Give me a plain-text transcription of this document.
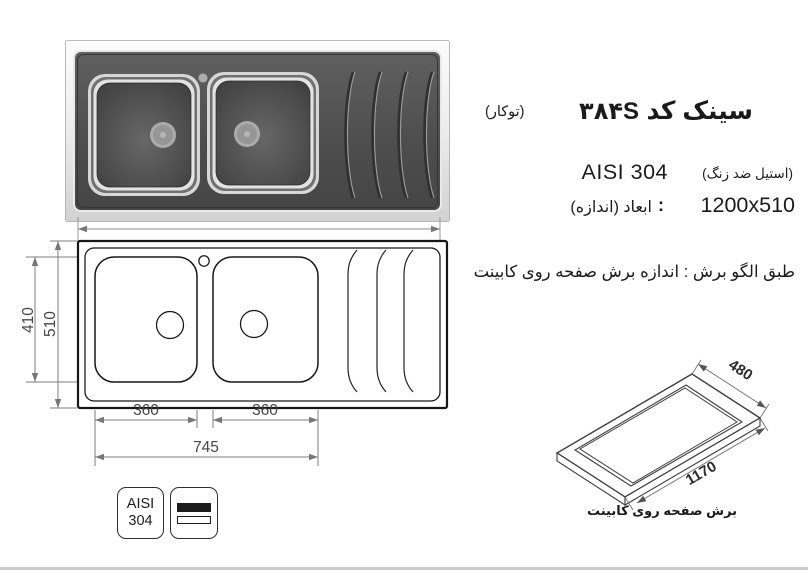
510
410
360	360
745
سینک کد
۳۸۴S
(توکار)
AISI 304	(استیل ضد زنگ)
ابعاد (اندازه) : 1200x510
طبق الگو برش : اندازه برش صفحه روی کابینت
480
1170
برش صفحه روی کابینت
AISI
304
